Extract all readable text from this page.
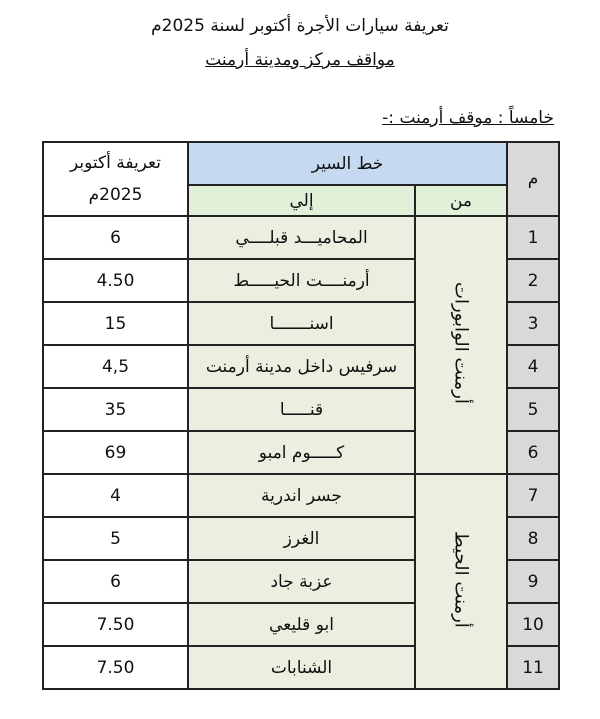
تعريفة سيارات الأجرة أكتوبر لسنة 2025م
مواقف مركز ومدينة أرمنت
خامساً : موقف أرمنت :-
م	خط السير		تعريفة أكتوبر 2025م
	من	إلي	
1	أرمنت الوابورات	المحاميـــد قبلــــي	6
2		أرمنــــت الحيـــــط	4.50
3		اسنـــــــا	15
4		سرفيس داخل مدينة أرمنت	4,5
5		قنـــــا	35
6		كـــــوم امبو	69
7	أرمنت الحيط	جسر اندرية	4
8		الغرز	5
9		عزبة جاد	6
10		ابو قليعي	7.50
11		الشنابات	7.50
